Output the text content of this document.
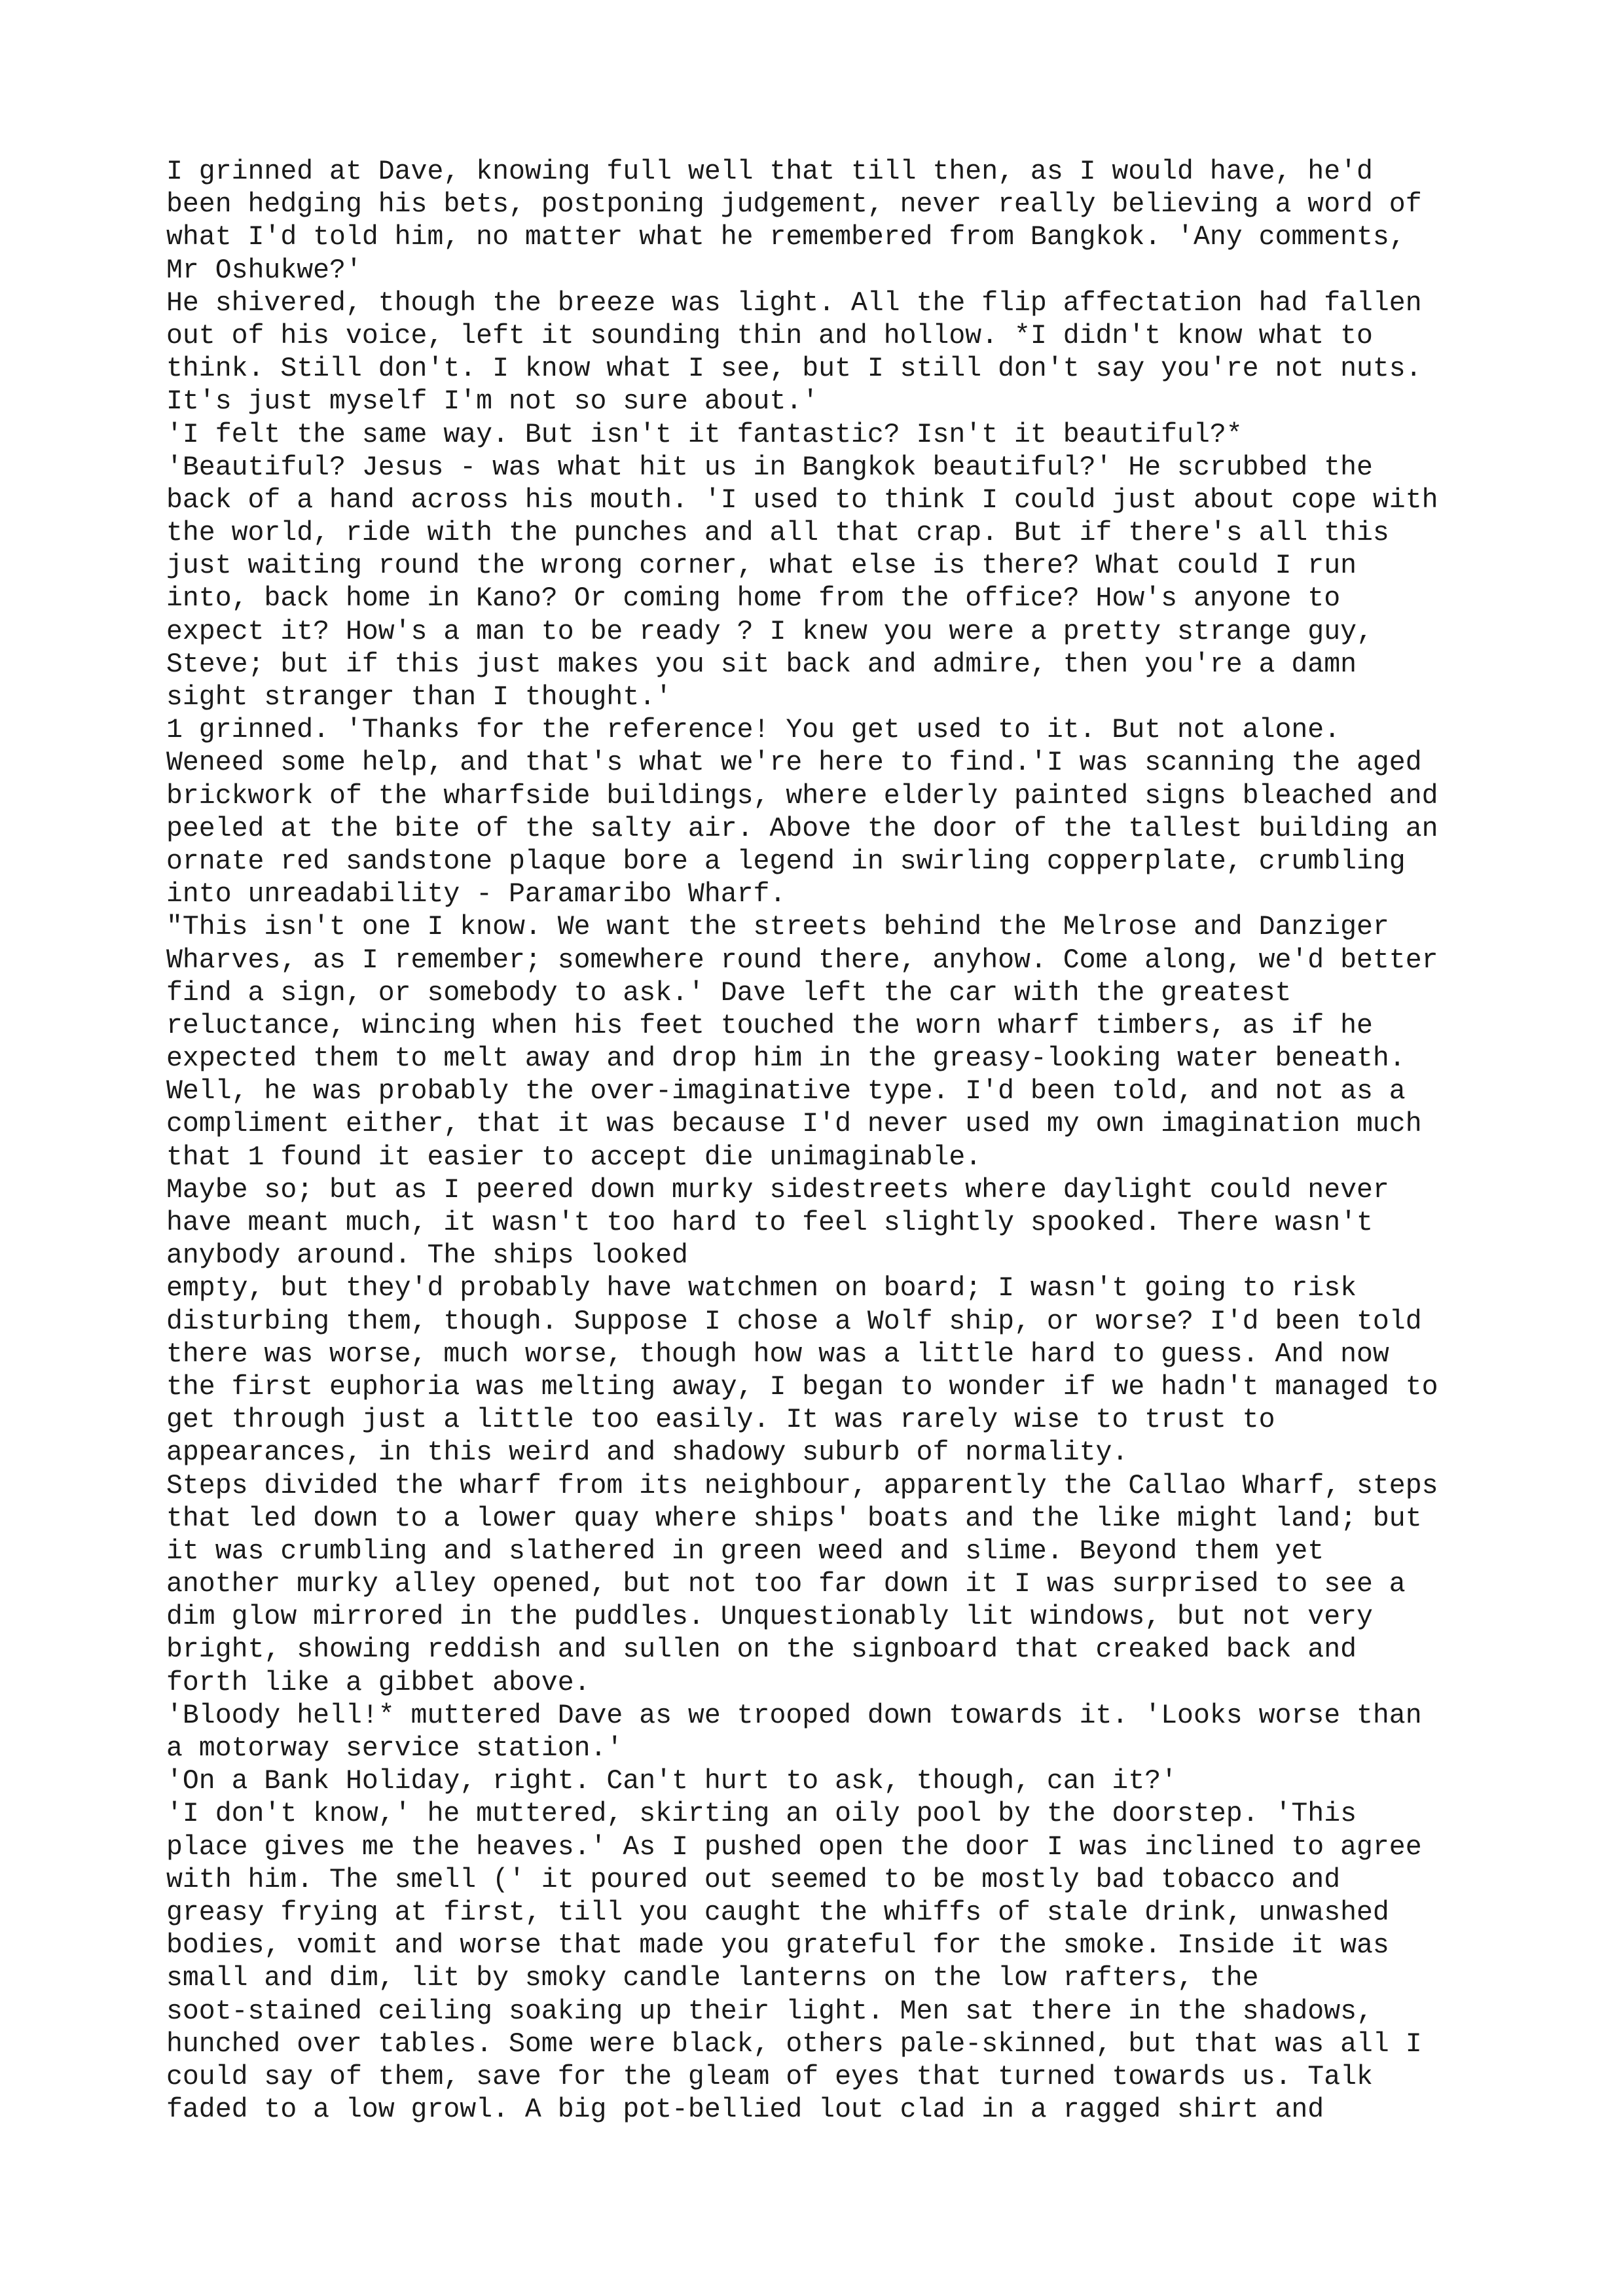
I grinned at Dave, knowing full well that till then, as I would have, he'd
been hedging his bets, postponing judgement, never really believing a word of
what I'd told him, no matter what he remembered from Bangkok. 'Any comments,
Mr Oshukwe?'
He shivered, though the breeze was light. All the flip affectation had fallen
out of his voice, left it sounding thin and hollow. *I didn't know what to
think. Still don't. I know what I see, but I still don't say you're not nuts.
It's just myself I'm not so sure about.'
'I felt the same way. But isn't it fantastic? Isn't it beautiful?*
'Beautiful? Jesus - was what hit us in Bangkok beautiful?' He scrubbed the
back of a hand across his mouth. 'I used to think I could just about cope with
the world, ride with the punches and all that crap. But if there's all this
just waiting round the wrong corner, what else is there? What could I run
into, back home in Kano? Or coming home from the office? How's anyone to
expect it? How's a man to be ready ? I knew you were a pretty strange guy,
Steve; but if this just makes you sit back and admire, then you're a damn
sight stranger than I thought.'
1 grinned. 'Thanks for the reference! You get used to it. But not alone.
Weneed some help, and that's what we're here to find.'I was scanning the aged
brickwork of the wharfside buildings, where elderly painted signs bleached and
peeled at the bite of the salty air. Above the door of the tallest building an
ornate red sandstone plaque bore a legend in swirling copperplate, crumbling
into unreadability - Paramaribo Wharf.
"This isn't one I know. We want the streets behind the Melrose and Danziger
Wharves, as I remember; somewhere round there, anyhow. Come along, we'd better
find a sign, or somebody to ask.' Dave left the car with the greatest
reluctance, wincing when his feet touched the worn wharf timbers, as if he
expected them to melt away and drop him in the greasy-looking water beneath.
Well, he was probably the over-imaginative type. I'd been told, and not as a
compliment either, that it was because I'd never used my own imagination much
that 1 found it easier to accept die unimaginable.
Maybe so; but as I peered down murky sidestreets where daylight could never
have meant much, it wasn't too hard to feel slightly spooked. There wasn't
anybody around. The ships looked
empty, but they'd probably have watchmen on board; I wasn't going to risk
disturbing them, though. Suppose I chose a Wolf ship, or worse? I'd been told
there was worse, much worse, though how was a little hard to guess. And now
the first euphoria was melting away, I began to wonder if we hadn't managed to
get through just a little too easily. It was rarely wise to trust to
appearances, in this weird and shadowy suburb of normality.
Steps divided the wharf from its neighbour, apparently the Callao Wharf, steps
that led down to a lower quay where ships' boats and the like might land; but
it was crumbling and slathered in green weed and slime. Beyond them yet
another murky alley opened, but not too far down it I was surprised to see a
dim glow mirrored in the puddles. Unquestionably lit windows, but not very
bright, showing reddish and sullen on the signboard that creaked back and
forth like a gibbet above.
'Bloody hell!* muttered Dave as we trooped down towards it. 'Looks worse than
a motorway service station.'
'On a Bank Holiday, right. Can't hurt to ask, though, can it?'
'I don't know,' he muttered, skirting an oily pool by the doorstep. 'This
place gives me the heaves.' As I pushed open the door I was inclined to agree
with him. The smell (' it poured out seemed to be mostly bad tobacco and
greasy frying at first, till you caught the whiffs of stale drink, unwashed
bodies, vomit and worse that made you grateful for the smoke. Inside it was
small and dim, lit by smoky candle lanterns on the low rafters, the
soot-stained ceiling soaking up their light. Men sat there in the shadows,
hunched over tables. Some were black, others pale-skinned, but that was all I
could say of them, save for the gleam of eyes that turned towards us. Talk
faded to a low growl. A big pot-bellied lout clad in a ragged shirt and
